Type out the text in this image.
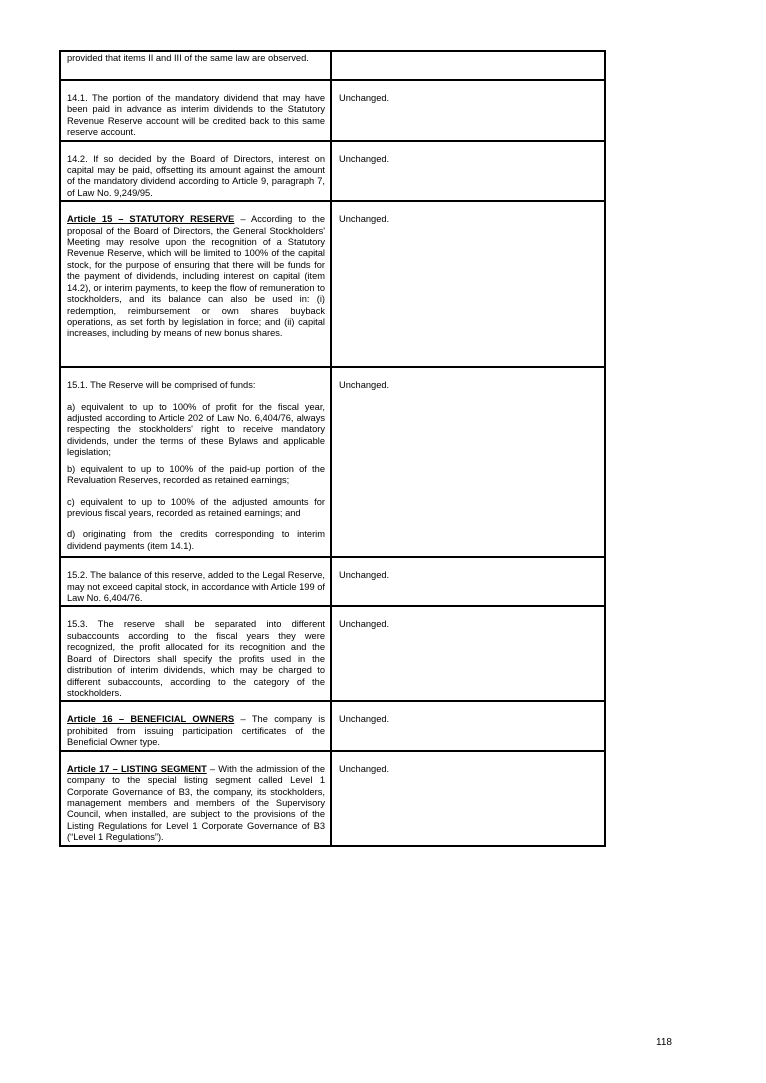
provided that items II and III of the same law are observed.	

14.1. The portion of the mandatory dividend that may have been paid in advance as interim dividends to the Statutory Revenue Reserve account will be credited back to this same reserve account.	Unchanged.

14.2. If so decided by the Board of Directors, interest on capital may be paid, offsetting its amount against the amount of the mandatory dividend according to Article 9, paragraph 7, of Law No. 9,249/95.	Unchanged.

Article 15 – STATUTORY RESERVE – According to the proposal of the Board of Directors, the General Stockholders' Meeting may resolve upon the recognition of a Statutory Revenue Reserve, which will be limited to 100% of the capital stock, for the purpose of ensuring that there will be funds for the payment of dividends, including interest on capital (item 14.2), or interim payments, to keep the flow of remuneration to stockholders, and its balance can also be used in: (i) redemption, reimbursement or own shares buyback operations, as set forth by legislation in force; and (ii) capital increases, including by means of new bonus shares.	Unchanged.

15.1. The Reserve will be comprised of funds:

a) equivalent to up to 100% of profit for the fiscal year, adjusted according to Article 202 of Law No. 6,404/76, always respecting the stockholders' right to receive mandatory dividends, under the terms of these Bylaws and applicable legislation;

b) equivalent to up to 100% of the paid-up portion of the Revaluation Reserves, recorded as retained earnings;

c) equivalent to up to 100% of the adjusted amounts for previous fiscal years, recorded as retained earnings; and

d) originating from the credits corresponding to interim dividend payments (item 14.1).	Unchanged.

15.2. The balance of this reserve, added to the Legal Reserve, may not exceed capital stock, in accordance with Article 199 of Law No. 6,404/76.	Unchanged.

15.3. The reserve shall be separated into different subaccounts according to the fiscal years they were recognized, the profit allocated for its recognition and the Board of Directors shall specify the profits used in the distribution of interim dividends, which may be charged to different subaccounts, according to the category of the stockholders.	Unchanged.

Article 16 – BENEFICIAL OWNERS – The company is prohibited from issuing participation certificates of the Beneficial Owner type.	Unchanged.

Article 17 – LISTING SEGMENT – With the admission of the company to the special listing segment called Level 1 Corporate Governance of B3, the company, its stockholders, management members and members of the Supervisory Council, when installed, are subject to the provisions of the Listing Regulations for Level 1 Corporate Governance of B3 (“Level 1 Regulations”).	Unchanged.

118
